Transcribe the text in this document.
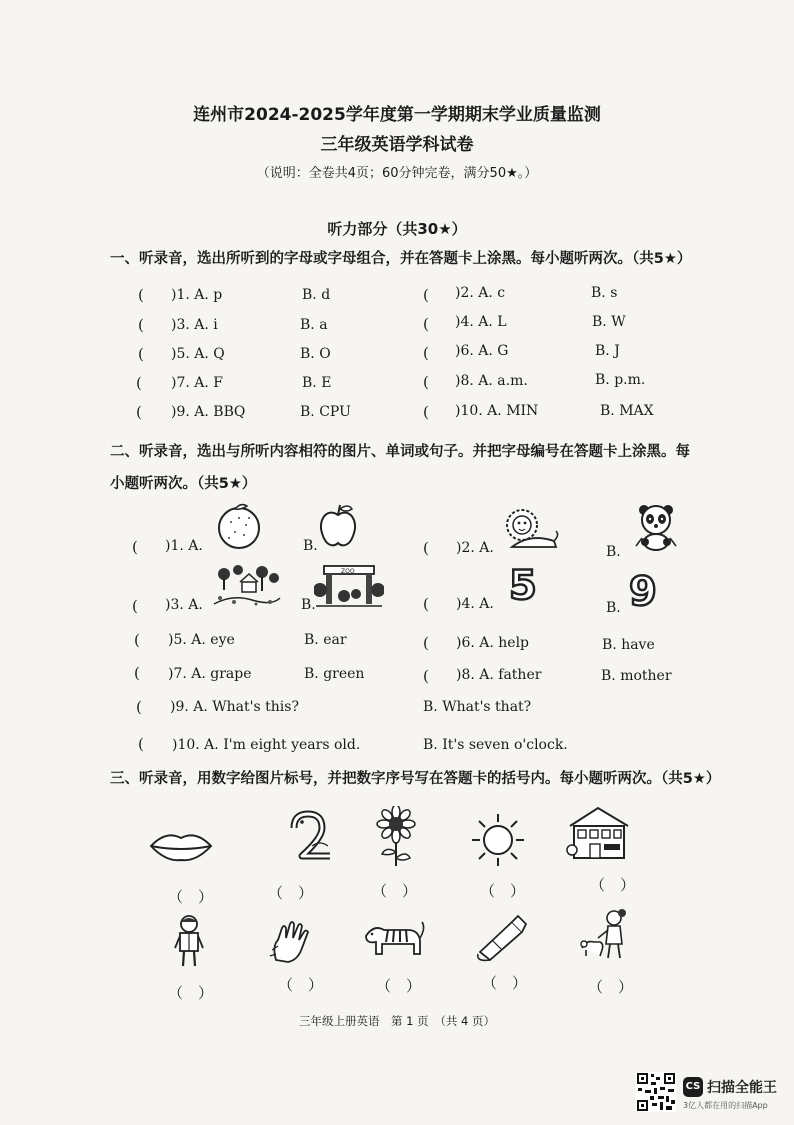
连州市2024-2025学年度第一学期期末学业质量监测
三年级英语学科试卷
（说明：全卷共4页；60分钟完卷，满分50★。）
听力部分（共30★）
一、听录音，选出所听到的字母或字母组合，并在答题卡上涂黑。每小题听两次。（共5★）
( )1. A. p	B. d	( )2. A. c	B. s
( )3. A. i	B. a	( )4. A. L	B. W
( )5. A. Q	B. O	( )6. A. G	B. J
( )7. A. F	B. E	( )8. A. a.m.	B. p.m.
( )9. A. BBQ	B. CPU	( )10. A. MIN	B. MAX
二、听录音，选出与所听内容相符的图片、单词或句子。并把字母编号在答题卡上涂黑。每
小题听两次。（共5★）
( )1. A.	B.	( )2. A.	B.
( )3. A.	B.
ZOO
( )4. A. 5	B. 9
( )5. A. eye	B. ear	( )6. A. help	B. have
( )7. A. grape	B. green	( )8. A. father	B. mother
( )9. A. What's this?	B. What's that?
( )10. A. I'm eight years old.	B. It's seven o'clock.
三、听录音，用数字给图片标号，并把数字序号写在答题卡的括号内。每小题听两次。（共5★）
（　）	（　）	（　）	（　）	（　）
（　）	（　）	（　）	（　）	（　）
三年级上册英语　第 1 页　（共 4 页）
CS 扫描全能王
3亿人都在用的扫描App
